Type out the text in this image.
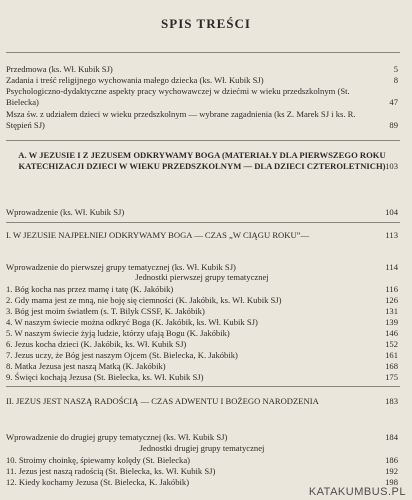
SPIS TREŚCI
Przedmowa (ks. Wł. Kubik SJ)	5
Zadania i treść religijnego wychowania małego dziecka (ks. Wł. Kubik SJ)	8
Psychologiczno-dydaktyczne aspekty pracy wychowawczej w dziećmi w wieku przedszkolnym (St. Bielecka)	47
Msza św. z udziałem dzieci w wieku przedszkolnym — wybrane zagadnienia (ks Z. Marek SJ i ks. R. Stępień SJ)	89
A. W JEZUSIE I Z JEZUSEM ODKRYWAMY BOGA (MATERIAŁY DLA PIERWSZEGO ROKU KATECHIZACJI DZIECI W WIEKU PRZEDSZKOLNYM — DLA DZIECI CZTEROLETNICH) 103
Wprowadzenie (ks. Wł. Kubik SJ)	104
I. W JEZUSIE NAJPEŁNIEJ ODKRYWAMY BOGA — CZAS „W CIĄGU ROKU”—	113
Wprowadzenie do pierwszej grupy tematycznej (ks. Wł. Kubik SJ)	114
Jednostki pierwszej grupy tematycznej
1. Bóg kocha nas przez mamę i tatę (K. Jakóbik)	116
2. Gdy mama jest ze mną, nie boję się ciemności (K. Jakóbik, ks. Wł. Kubik SJ)	126
3. Bóg jest moim światłem (s. T. Bilyk CSSF, K. Jakóbik)	131
4. W naszym świecie można odkryć Boga (K. Jakóbik, ks. Wł. Kubik SJ)	139
5. W naszym świecie żyją ludzie, którzy ufają Bogu (K. Jakóbik)	146
6. Jezus kocha dzieci (K. Jakóbik, ks. Wł. Kubik SJ)	152
7. Jezus uczy, że Bóg jest naszym Ojcem (St. Bielecka, K. Jakóbik)	161
8. Matka Jezusa jest naszą Matką (K. Jakóbik)	168
9. Święci kochają Jezusa (St. Bielecka, ks. Wł. Kubik SJ)	175
II. JEZUS JEST NASZĄ RADOŚCIĄ — CZAS ADWENTU I BOŻEGO NARODZENIA	183
Wprowadzenie do drugiej grupy tematycznej (ks. Wł. Kubik SJ)	184
Jednostki drugiej grupy tematycznej
10. Stroimy choinkę, śpiewamy kolędy (St. Bielecka)	186
11. Jezus jest naszą radością (St. Bielecka, ks. Wł. Kubik SJ)	192
12. Kiedy kochamy Jezusa (St. Bielecka, K. Jakóbik)	198
KATAKUMBUS.PL
